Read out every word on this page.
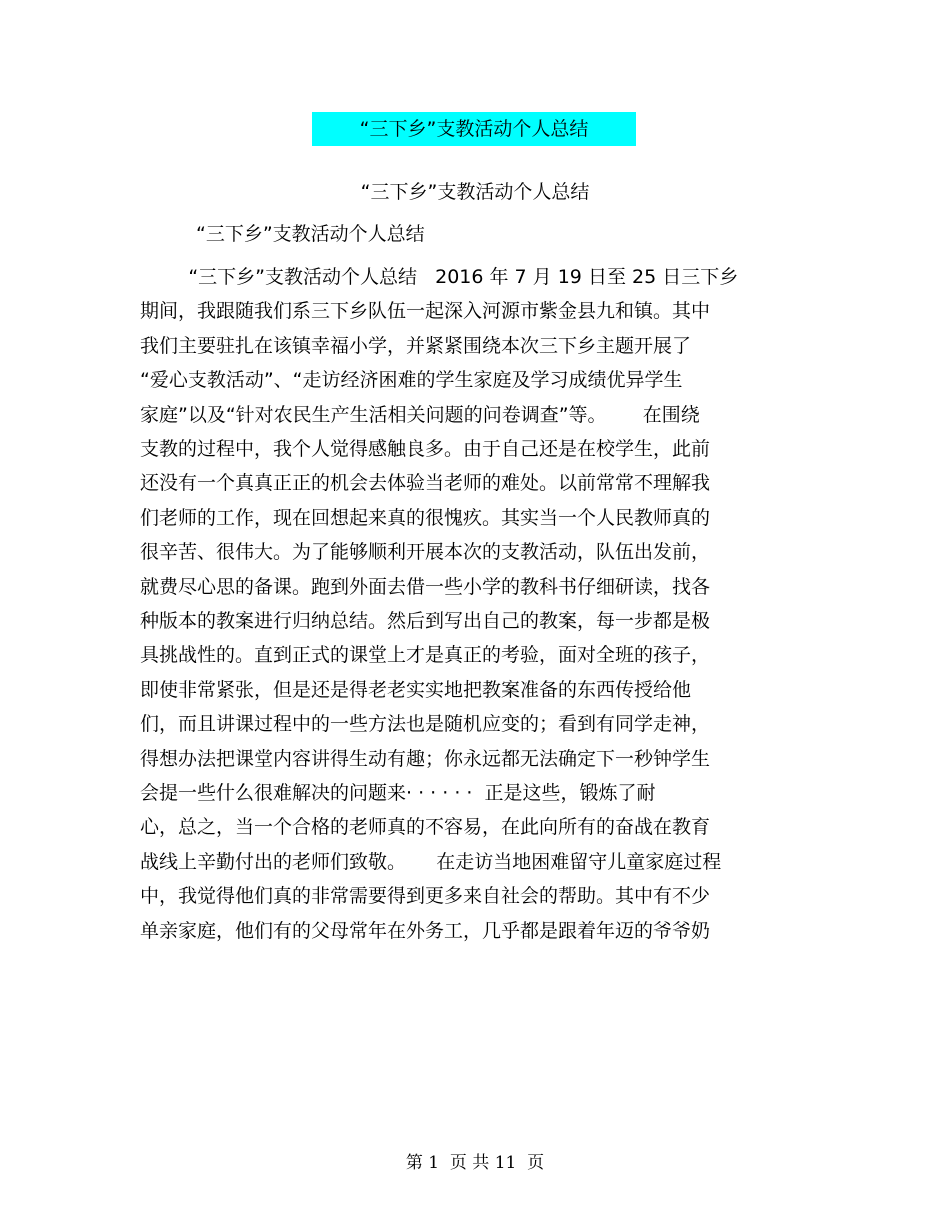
“三下乡”支教活动个人总结
“三下乡”支教活动个人总结
“三下乡”支教活动个人总结
“三下乡”支教活动个人总结   2016 年 7 月 19 日至 25 日三下乡
期间，我跟随我们系三下乡队伍一起深入河源市紫金县九和镇。其中
我们主要驻扎在该镇幸福小学，并紧紧围绕本次三下乡主题开展了
“爱心支教活动”、“走访经济困难的学生家庭及学习成绩优异学生
家庭”以及“针对农民生产生活相关问题的问卷调查”等。      在围绕
支教的过程中，我个人觉得感触良多。由于自己还是在校学生，此前
还没有一个真真正正的机会去体验当老师的难处。以前常常不理解我
们老师的工作，现在回想起来真的很愧疚。其实当一个人民教师真的
很辛苦、很伟大。为了能够顺利开展本次的支教活动，队伍出发前，
就费尽心思的备课。跑到外面去借一些小学的教科书仔细研读，找各
种版本的教案进行归纳总结。然后到写出自己的教案，每一步都是极
具挑战性的。直到正式的课堂上才是真正的考验，面对全班的孩子，
即使非常紧张，但是还是得老老实实地把教案准备的东西传授给他
们，而且讲课过程中的一些方法也是随机应变的；看到有同学走神，
得想办法把课堂内容讲得生动有趣；你永远都无法确定下一秒钟学生
会提一些什么很难解决的问题来· · · · · ·  正是这些，锻炼了耐
心，总之，当一个合格的老师真的不容易，在此向所有的奋战在教育
战线上辛勤付出的老师们致敬。     在走访当地困难留守儿童家庭过程
中，我觉得他们真的非常需要得到更多来自社会的帮助。其中有不少
单亲家庭，他们有的父母常年在外务工，几乎都是跟着年迈的爷爷奶
第 1  页 共 11  页
